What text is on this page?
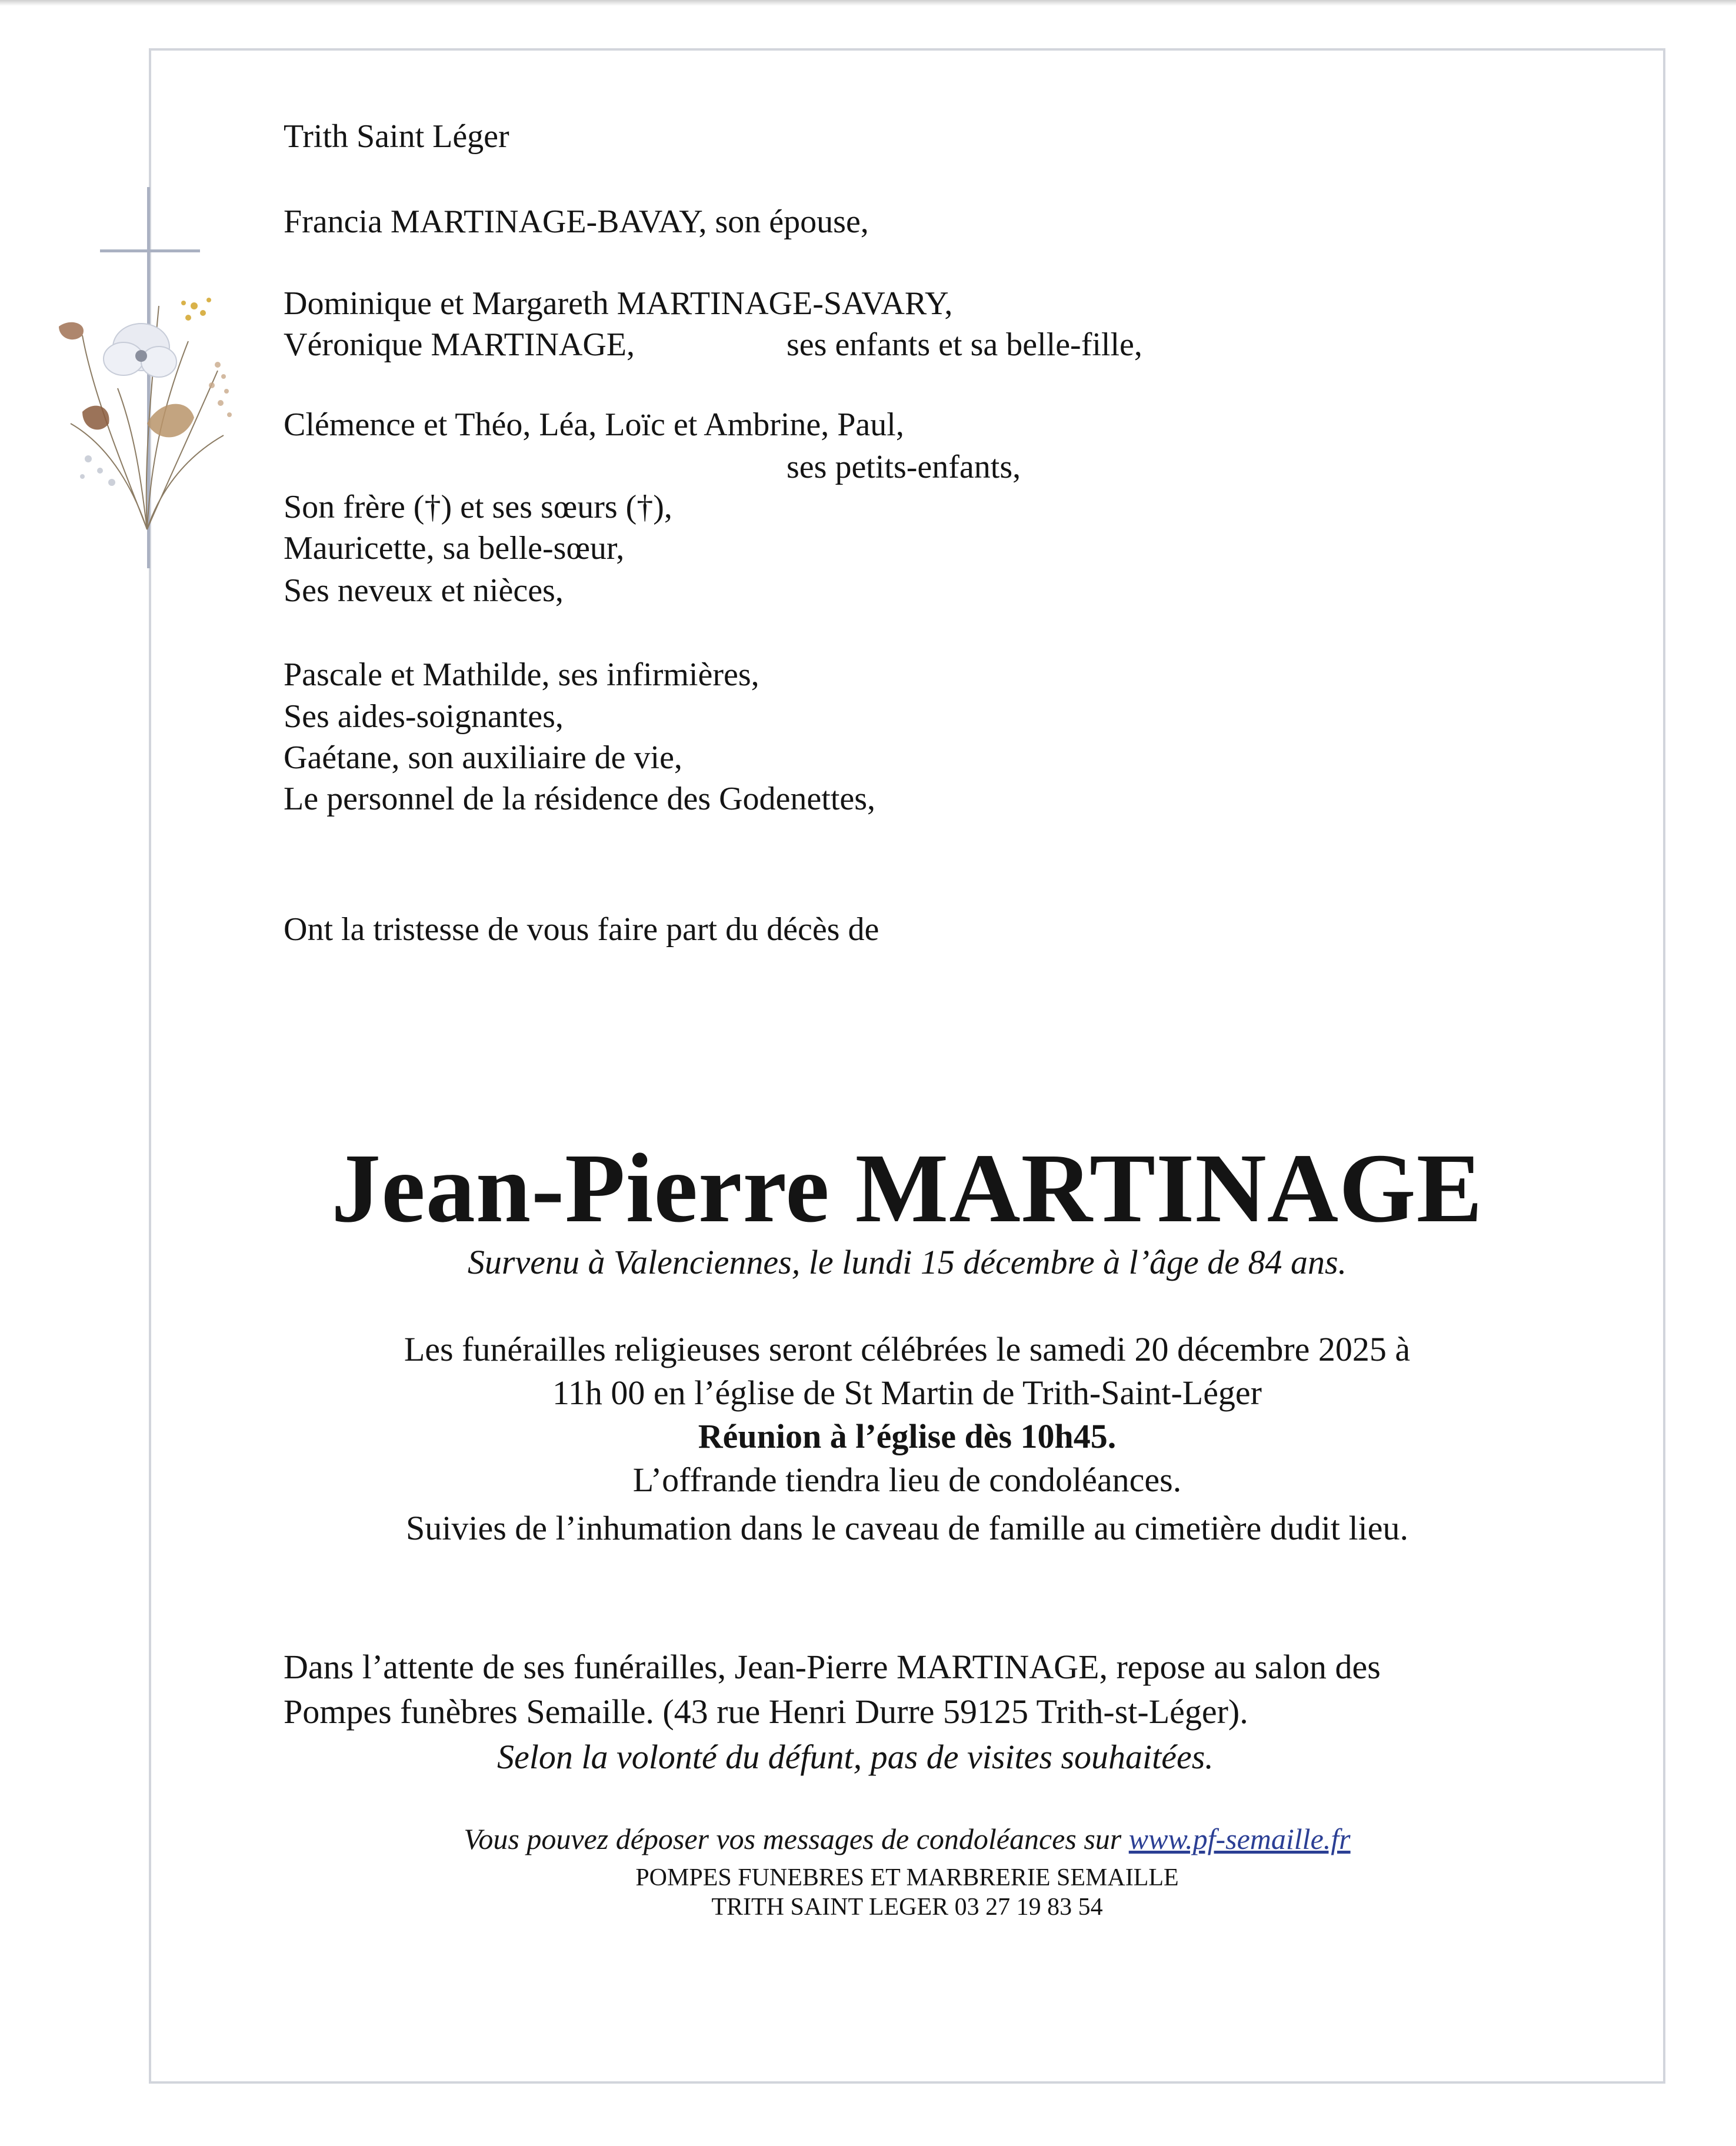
Trith Saint Léger
Francia MARTINAGE-BAVAY, son épouse,
Dominique et Margareth MARTINAGE-SAVARY,
Véronique MARTINAGE,	ses enfants et sa belle-fille,
Clémence et Théo, Léa, Loïc et Ambrine, Paul,
ses petits-enfants,
Son frère (†) et ses sœurs (†),
Mauricette, sa belle-sœur,
Ses neveux et nièces,
Pascale et Mathilde, ses infirmières,
Ses aides-soignantes,
Gaétane, son auxiliaire de vie,
Le personnel de la résidence des Godenettes,
Ont la tristesse de vous faire part du décès de
Jean-Pierre MARTINAGE
Survenu à Valenciennes, le lundi 15 décembre à l’âge de 84 ans.
Les funérailles religieuses seront célébrées le samedi 20 décembre 2025 à
11h 00 en l’église de St Martin de Trith-Saint-Léger
Réunion à l’église dès 10h45.
L’offrande tiendra lieu de condoléances.
Suivies de l’inhumation dans le caveau de famille au cimetière dudit lieu.
Dans l’attente de ses funérailles, Jean-Pierre MARTINAGE, repose au salon des
Pompes funèbres Semaille. (43 rue Henri Durre 59125 Trith-st-Léger).
Selon la volonté du défunt, pas de visites souhaitées.
Vous pouvez déposer vos messages de condoléances sur www.pf-semaille.fr
POMPES FUNEBRES ET MARBRERIE SEMAILLE
TRITH SAINT LEGER 03 27 19 83 54
